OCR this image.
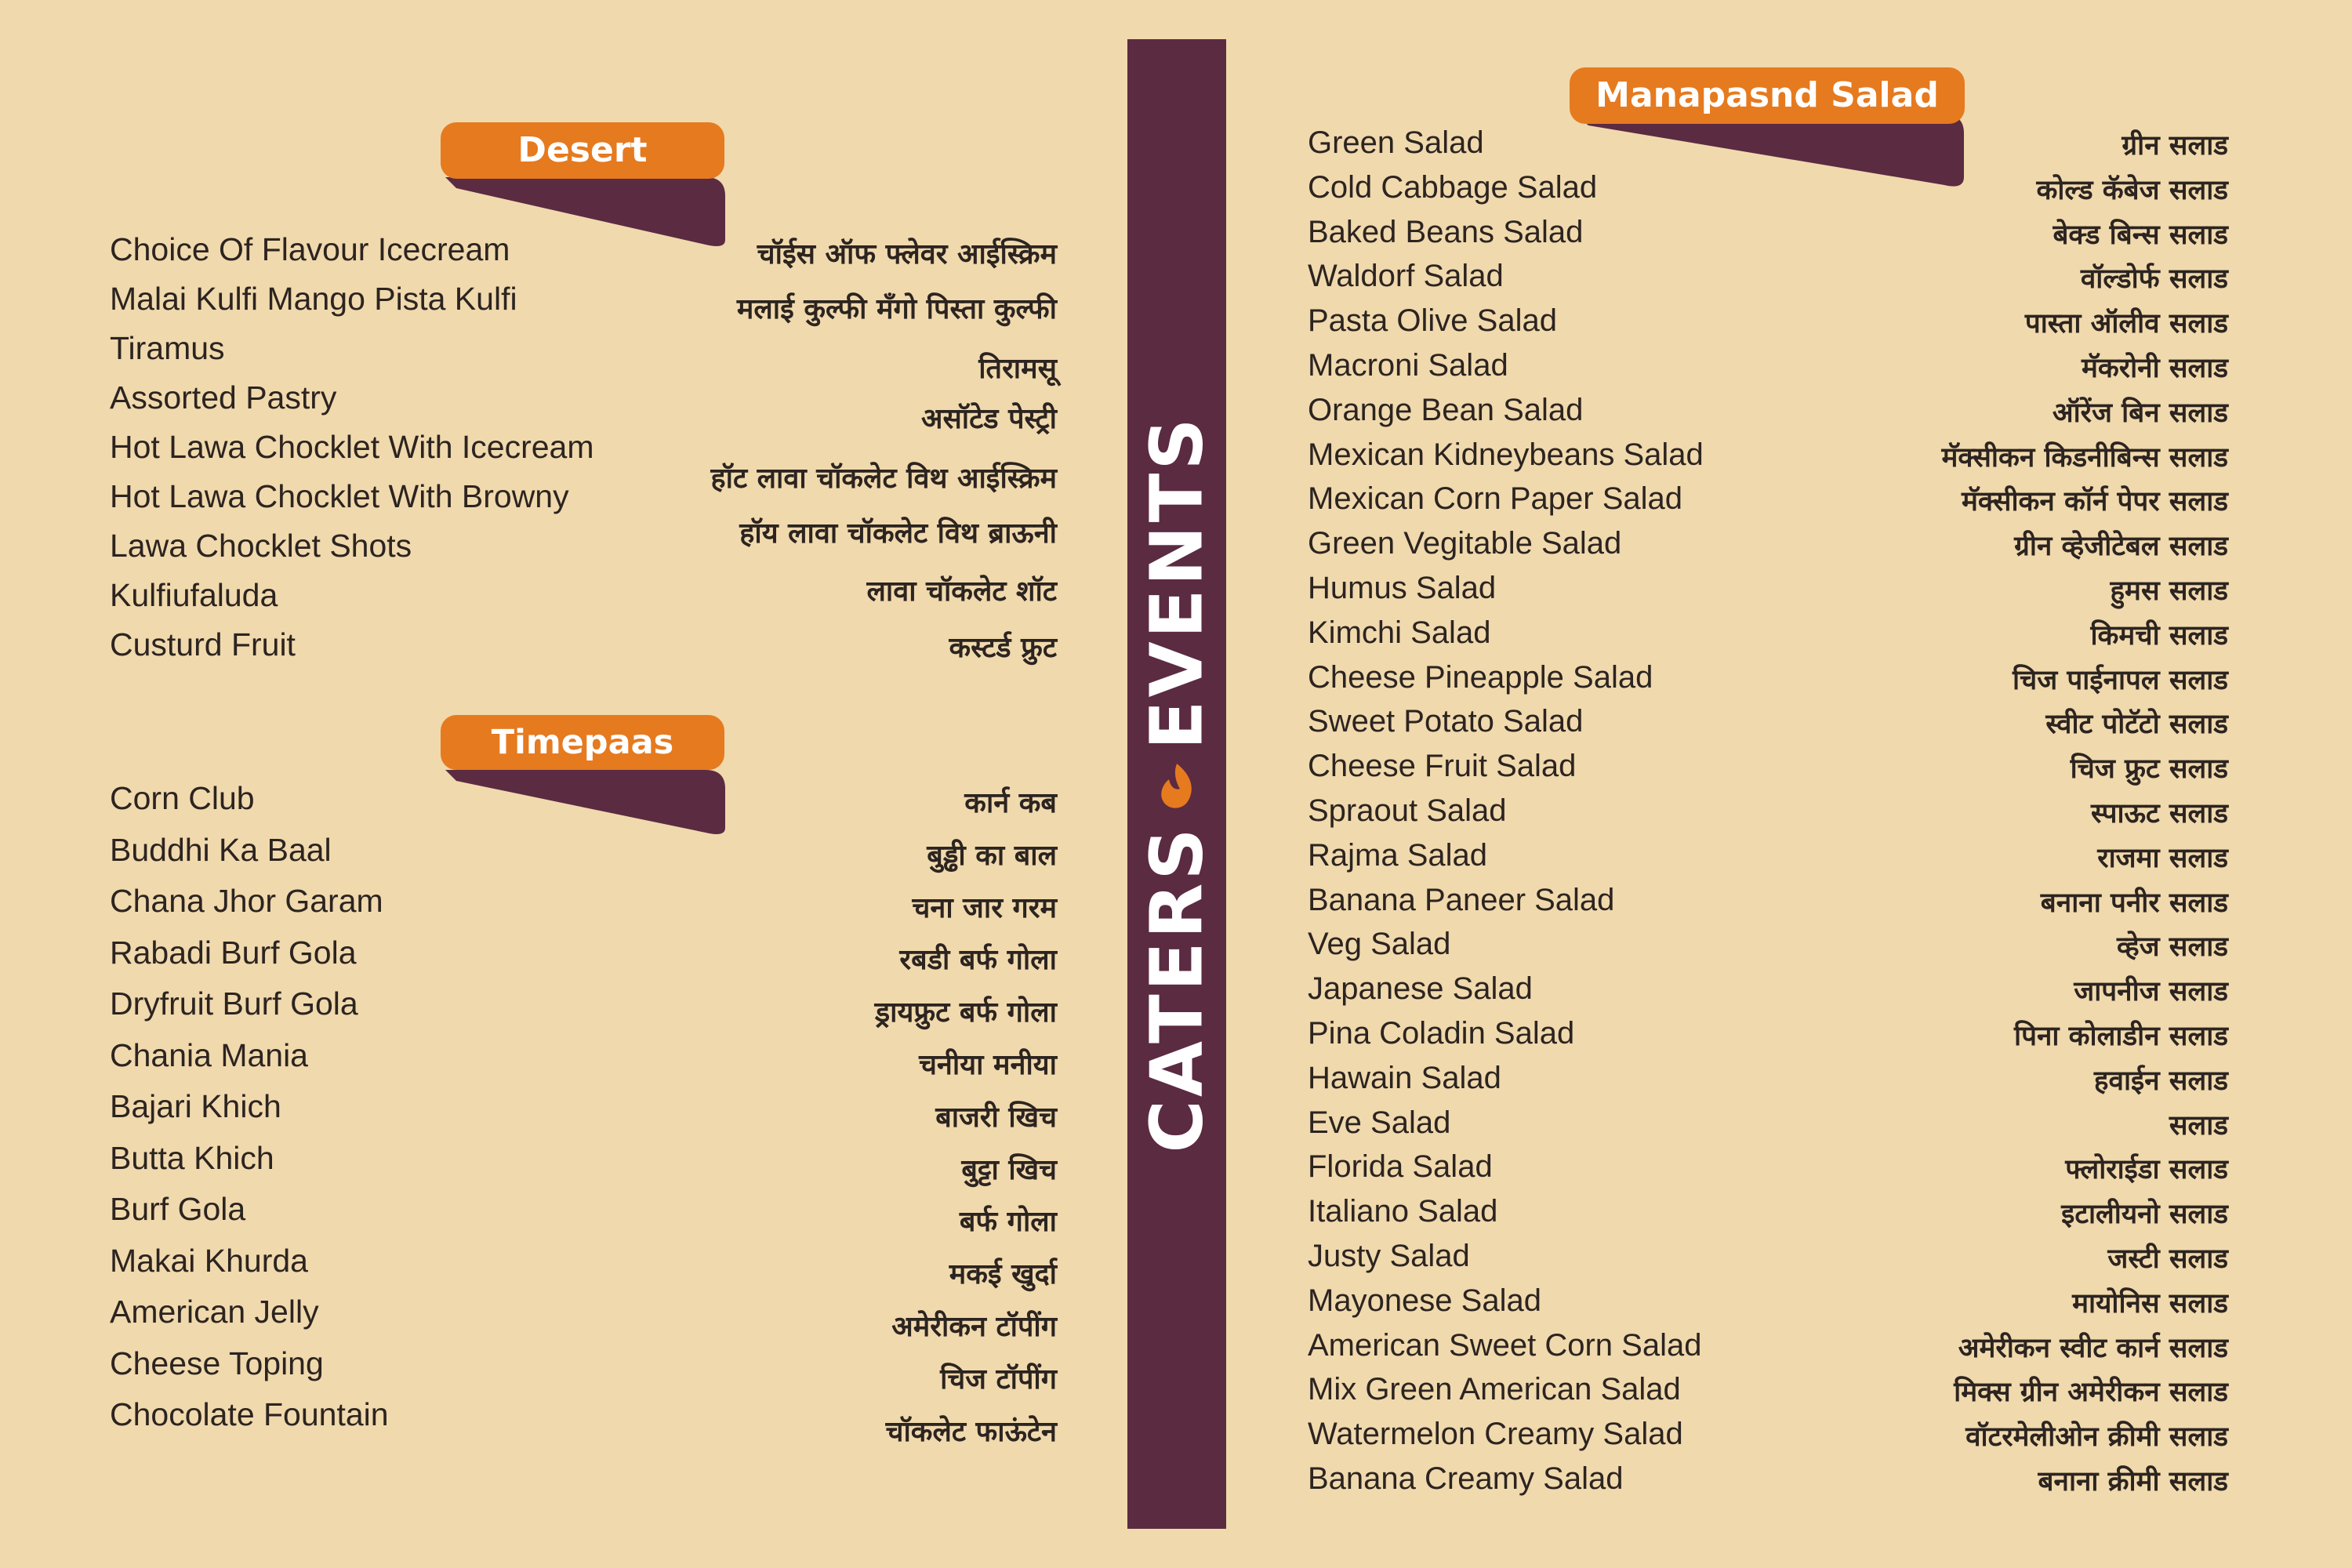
Desert
Choice Of Flavour Icecream
Malai Kulfi Mango Pista Kulfi
Tiramus
Assorted Pastry
Hot Lawa Chocklet With Icecream
Hot Lawa Chocklet With Browny
Lawa Chocklet Shots
Kulfiufaluda
Custurd Fruit
चॉईस ऑफ फ्लेवर आईस्क्रिम
मलाई कुल्फी मँगो पिस्ता कुल्फी
तिरामसू
असॉटेड पेस्ट्री
हॉट लावा चॉकलेट विथ आईस्क्रिम
हॉय लावा चॉकलेट विथ ब्राऊनी
लावा चॉकलेट शॉट
कस्टर्ड फ्रुट
Timepaas
Corn Club
Buddhi Ka Baal
Chana Jhor Garam
Rabadi Burf Gola
Dryfruit Burf Gola
Chania Mania
Bajari Khich
Butta Khich
Burf Gola
Makai Khurda
American Jelly
Cheese Toping
Chocolate Fountain
कार्न कब
बुड्ढी का बाल
चना जार गरम
रबडी बर्फ गोला
ड्रायफ्रुट बर्फ गोला
चनीया मनीया
बाजरी खिच
बुट्टा खिच
बर्फ गोला
मकई खुर्दा
अमेरीकन टॉपींग
चिज टॉपींग
चॉकलेट फाऊंटेन
CATERS
EVENTS
Manapasnd Salad
Green Salad
Cold Cabbage Salad
Baked Beans Salad
Waldorf Salad
Pasta Olive Salad
Macroni Salad
Orange Bean Salad
Mexican Kidneybeans Salad
Mexican Corn Paper Salad
Green Vegitable Salad
Humus Salad
Kimchi Salad
Cheese Pineapple Salad
Sweet Potato Salad
Cheese Fruit Salad
Spraout Salad
Rajma Salad
Banana Paneer Salad
Veg Salad
Japanese Salad
Pina Coladin Salad
Hawain Salad
Eve Salad
Florida Salad
Italiano Salad
Justy Salad
Mayonese Salad
American Sweet Corn Salad
Mix Green American Salad
Watermelon Creamy Salad
Banana Creamy Salad
ग्रीन सलाड
कोल्ड कॅबेज सलाड
बेक्ड बिन्स सलाड
वॉल्डोर्फ सलाड
पास्ता ऑलीव सलाड
मॅकरोनी सलाड
ऑरेंज बिन सलाड
मॅक्सीकन किडनीबिन्स सलाड
मॅक्सीकन कॉर्न पेपर सलाड
ग्रीन व्हेजीटेबल सलाड
हुमस सलाड
किमची सलाड
चिज पाईनापल सलाड
स्वीट पोटॅटो सलाड
चिज फ्रुट सलाड
स्पाऊट सलाड
राजमा सलाड
बनाना पनीर सलाड
व्हेज सलाड
जापनीज सलाड
पिना कोलाडीन सलाड
हवाईन सलाड
सलाड
फ्लोराईडा सलाड
इटालीयनो सलाड
जस्टी सलाड
मायोनिस सलाड
अमेरीकन स्वीट कार्न सलाड
मिक्स ग्रीन अमेरीकन सलाड
वॉटरमेलीओन क्रीमी सलाड
बनाना क्रीमी सलाड
